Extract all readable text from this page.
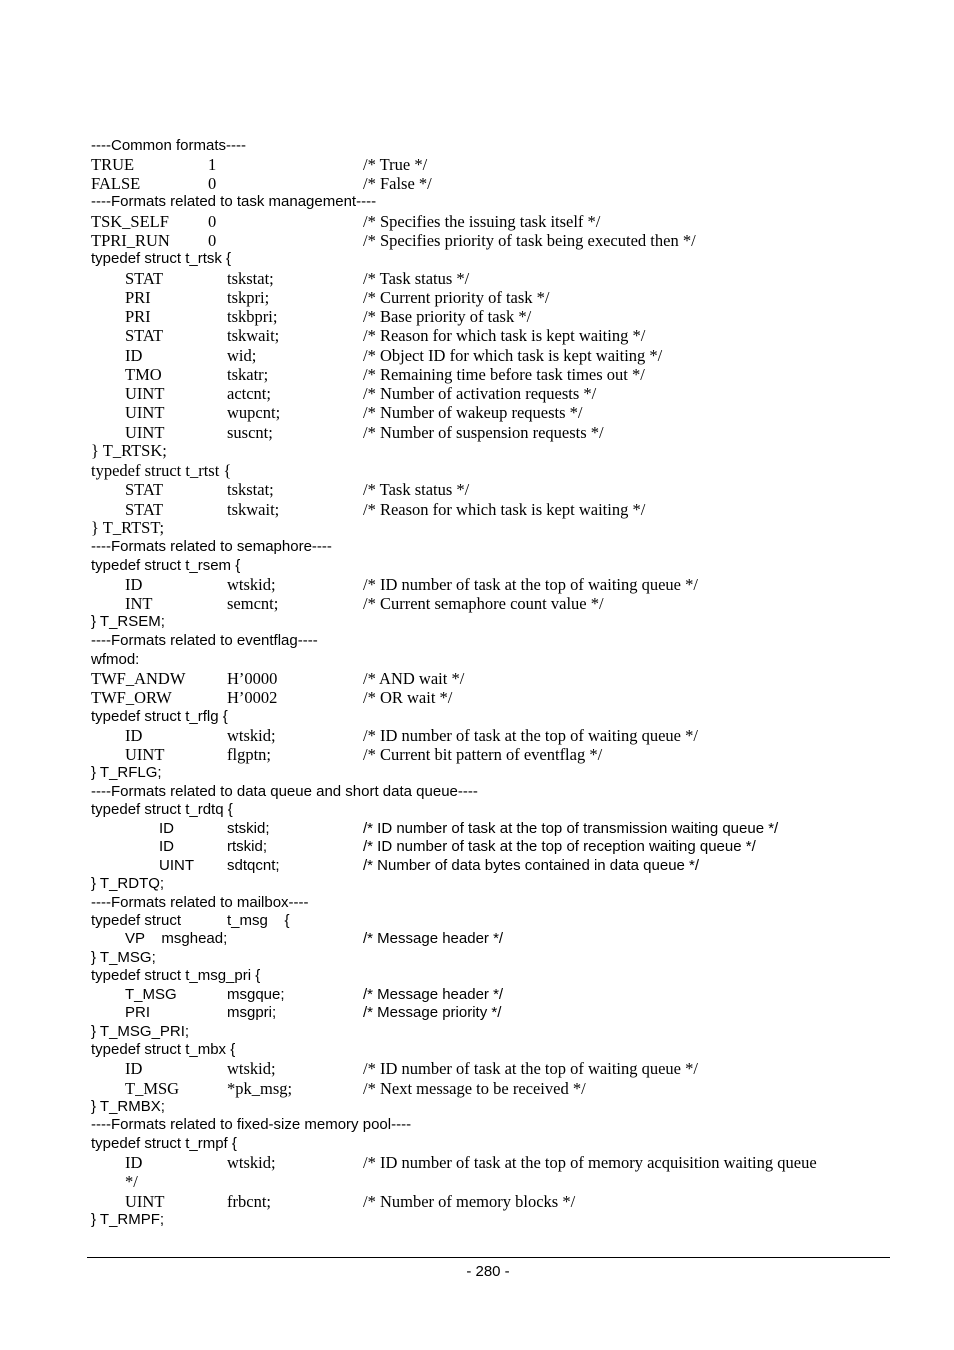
----Common formats----
TRUE	1	/* True */
FALSE	0	/* False */
----Formats related to task management----
TSK_SELF 0	/* Specifies the issuing task itself */
TPRI_RUN 0	/* Specifies priority of task being executed then */
typedef struct t_rtsk {
STAT	tskstat;	/* Task status */
PRI	tskpri;	/* Current priority of task */
PRI	tskbpri;	/* Base priority of task */
STAT	tskwait;	/* Reason for which task is kept waiting */
ID	wid;	/* Object ID for which task is kept waiting */
TMO	tskatr;	/* Remaining time before task times out */
UINT	actcnt;	/* Number of activation requests */
UINT	wupcnt;	/* Number of wakeup requests */
UINT	suscnt;	/* Number of suspension requests */
} T_RTSK;
typedef struct t_rtst {
STAT	tskstat;	/* Task status */
STAT	tskwait;	/* Reason for which task is kept waiting */
} T_RTST;
----Formats related to semaphore----
typedef struct t_rsem {
ID	wtskid;	/* ID number of task at the top of waiting queue */
INT	semcnt;	/* Current semaphore count value */
} T_RSEM;
----Formats related to eventflag----
wfmod:
TWF_ANDW	H’0000	/* AND wait */
TWF_ORW	H’0002	/* OR wait */
typedef struct t_rflg {
ID	wtskid;	/* ID number of task at the top of waiting queue */
UINT	flgptn;	/* Current bit pattern of eventflag */
} T_RFLG;
----Formats related to data queue and short data queue----
typedef struct t_rdtq {
ID	stskid;	/* ID number of task at the top of transmission waiting queue */
ID	rtskid;	/* ID number of task at the top of reception waiting queue */
UINT sdtqcnt;	/* Number of data bytes contained in data queue */
} T_RDTQ;
----Formats related to mailbox----
typedef struct	t_msg    {
VP    msghead;	/* Message header */
} T_MSG;
typedef struct t_msg_pri {
T_MSG	msgque;	/* Message header */
PRI	msgpri;	/* Message priority */
} T_MSG_PRI;
typedef struct t_mbx {
ID	wtskid;	/* ID number of task at the top of waiting queue */
T_MSG	*pk_msg;	/* Next message to be received */
} T_RMBX;
----Formats related to fixed-size memory pool----
typedef struct t_rmpf {
ID	wtskid;	/* ID number of task at the top of memory acquisition waiting queue
*/
UINT	frbcnt;	/* Number of memory blocks */
} T_RMPF;
- 280 -
